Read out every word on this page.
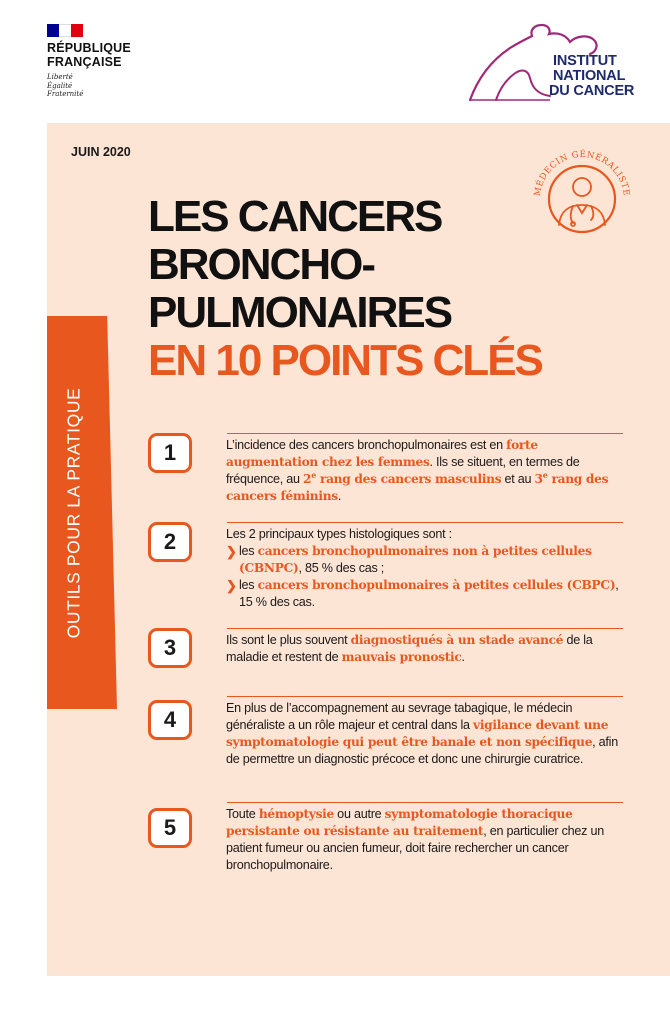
RÉPUBLIQUE
FRANÇAISE
Liberté
Égalité
Fraternité
INSTITUT
NATIONAL
DU CANCER
JUIN 2020
MÉDECIN GÉNÉRALISTE
LES CANCERS
BRONCHO-
PULMONAIRES
EN 10 POINTS CLÉS
OUTILS POUR LA PRATIQUE	1	L’incidence des cancers bronchopulmonaires est en forte augmentation chez les femmes. Ils se situent, en termes de fréquence, au 2e rang des cancers masculins et au 3e rang des cancers féminins.
2	Les 2 principaux types histologiques sont :
❯ les cancers bronchopulmonaires non à petites cellules (CBNPC), 85 % des cas ;
❯ les cancers bronchopulmonaires à petites cellules (CBPC), 15 % des cas.
3	Ils sont le plus souvent diagnostiqués à un stade avancé de la maladie et restent de mauvais pronostic.
4	En plus de l’accompagnement au sevrage tabagique, le médecin généraliste a un rôle majeur et central dans la vigilance devant une symptomatologie qui peut être banale et non spécifique, afin de permettre un diagnostic précoce et donc une chirurgie curatrice.
5
Toute hémoptysie ou autre symptomatologie thoracique persistante ou résistante au traitement, en particulier chez un patient fumeur ou ancien fumeur, doit faire rechercher un cancer bronchopulmonaire.
